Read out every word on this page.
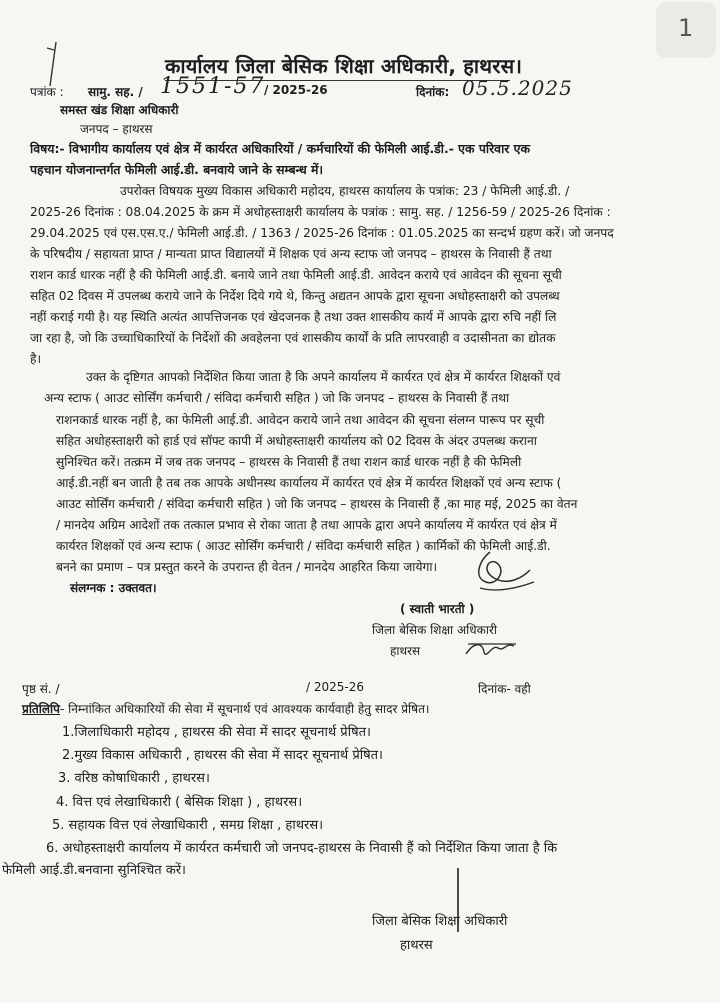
1
कार्यालय जिला बेसिक शिक्षा अधिकारी, हाथरस।
पत्रांक : सामु. सह. / 1551-57
/ 2025-26	दिनांक: 05.5.2025
समस्त खंड शिक्षा अधिकारी
जनपद – हाथरस
विषय:- विभागीय कार्यालय एवं क्षेत्र में कार्यरत अधिकारियों / कर्मचारियों की फेमिली आई.डी.- एक परिवार एक
पहचान योजनान्तर्गत फेमिली आई.डी. बनवाये जाने के सम्बन्ध में।
उपरोक्त विषयक मुख्य विकास अधिकारी महोदय, हाथरस कार्यालय के पत्रांक: 23 / फेमिली आई.डी. /
2025-26 दिनांक : 08.04.2025 के क्रम में अधोहस्ताक्षरी कार्यालय के पत्रांक : सामु. सह. / 1256-59 / 2025-26 दिनांक :
29.04.2025 एवं एस.एस.ए./ फेमिली आई.डी. / 1363 / 2025-26 दिनांक : 01.05.2025 का सन्दर्भ ग्रहण करें। जो जनपद
के परिषदीय / सहायता प्राप्त / मान्यता प्राप्त विद्यालयों में शिक्षक एवं अन्य स्टाफ जो जनपद – हाथरस के निवासी हैं तथा
राशन कार्ड धारक नहीं है की फेमिली आई.डी. बनाये जाने तथा फेमिली आई.डी. आवेदन कराये एवं आवेदन की सूचना सूची
सहित 02 दिवस में उपलब्ध कराये जाने के निर्देश दिये गये थे, किन्तु अद्यतन आपके द्वारा सूचना अधोहस्ताक्षरी को उपलब्ध
नहीं कराई गयी है। यह स्थिति अत्यंत आपत्तिजनक एवं खेदजनक है तथा उक्त शासकीय कार्य में आपके द्वारा रुचि नहीं लि
जा रहा है, जो कि उच्चाधिकारियों के निर्देशों की अवहेलना एवं शासकीय कार्यों के प्रति लापरवाही व उदासीनता का द्योतक
है।
उक्त के दृष्टिगत आपको निर्देशित किया जाता है कि अपने कार्यालय में कार्यरत एवं क्षेत्र में कार्यरत शिक्षकों एवं
अन्य स्टाफ ( आउट सोर्सिंग कर्मचारी / संविदा कर्मचारी सहित ) जो कि जनपद – हाथरस के निवासी हैं तथा
राशनकार्ड धारक नहीं है, का फेमिली आई.डी. आवेदन कराये जाने तथा आवेदन की सूचना संलग्न पारूप पर सूची
सहित अधोहस्ताक्षरी को हार्ड एवं सॉफ्ट कापी में अधोहस्ताक्षरी कार्यालय को 02 दिवस के अंदर उपलब्ध कराना
सुनिश्चित करें। तत्क्रम में जब तक जनपद – हाथरस के निवासी हैं तथा राशन कार्ड धारक नहीं है की फेमिली
आई.डी.नहीं बन जाती है तब तक आपके अधीनस्थ कार्यालय में कार्यरत एवं क्षेत्र में कार्यरत शिक्षकों एवं अन्य स्टाफ (
आउट सोर्सिंग कर्मचारी / संविदा कर्मचारी सहित ) जो कि जनपद – हाथरस के निवासी हैं ,का माह मई, 2025 का वेतन
/ मानदेय अग्रिम आदेशों तक तत्काल प्रभाव से रोका जाता है तथा आपके द्वारा अपने कार्यालय में कार्यरत एवं क्षेत्र में
कार्यरत शिक्षकों एवं अन्य स्टाफ ( आउट सोर्सिंग कर्मचारी / संविदा कर्मचारी सहित ) कार्मिकों की फेमिली आई.डी.
बनने का प्रमाण – पत्र प्रस्तुत करने के उपरान्त ही वेतन / मानदेय आहरित किया जायेगा।
संलग्नक : उक्तवत।
( स्वाती भारती )
जिला बेसिक शिक्षा अधिकारी
हाथरस
पृष्ठ सं. /	/ 2025-26	दिनांक- वही
प्रतिलिपि- निम्नांकित अधिकारियों की सेवा में सूचनार्थ एवं आवश्यक कार्यवाही हेतु सादर प्रेषित।
1.जिलाधिकारी महोदय , हाथरस की सेवा में सादर सूचनार्थ प्रेषित।
2.मुख्य विकास अधिकारी , हाथरस की सेवा में सादर सूचनार्थ प्रेषित।
3. वरिष्ठ कोषाधिकारी , हाथरस।
4. वित्त एवं लेखाधिकारी ( बेसिक शिक्षा ) , हाथरस।
5. सहायक वित्त एवं लेखाधिकारी , समग्र शिक्षा , हाथरस।
6. अधोहस्ताक्षरी कार्यालय में कार्यरत कर्मचारी जो जनपद-हाथरस के निवासी हैं को निर्देशित किया जाता है कि
फेमिली आई.डी.बनवाना सुनिश्चित करें।
जिला बेसिक शिक्षा अधिकारी
हाथरस
